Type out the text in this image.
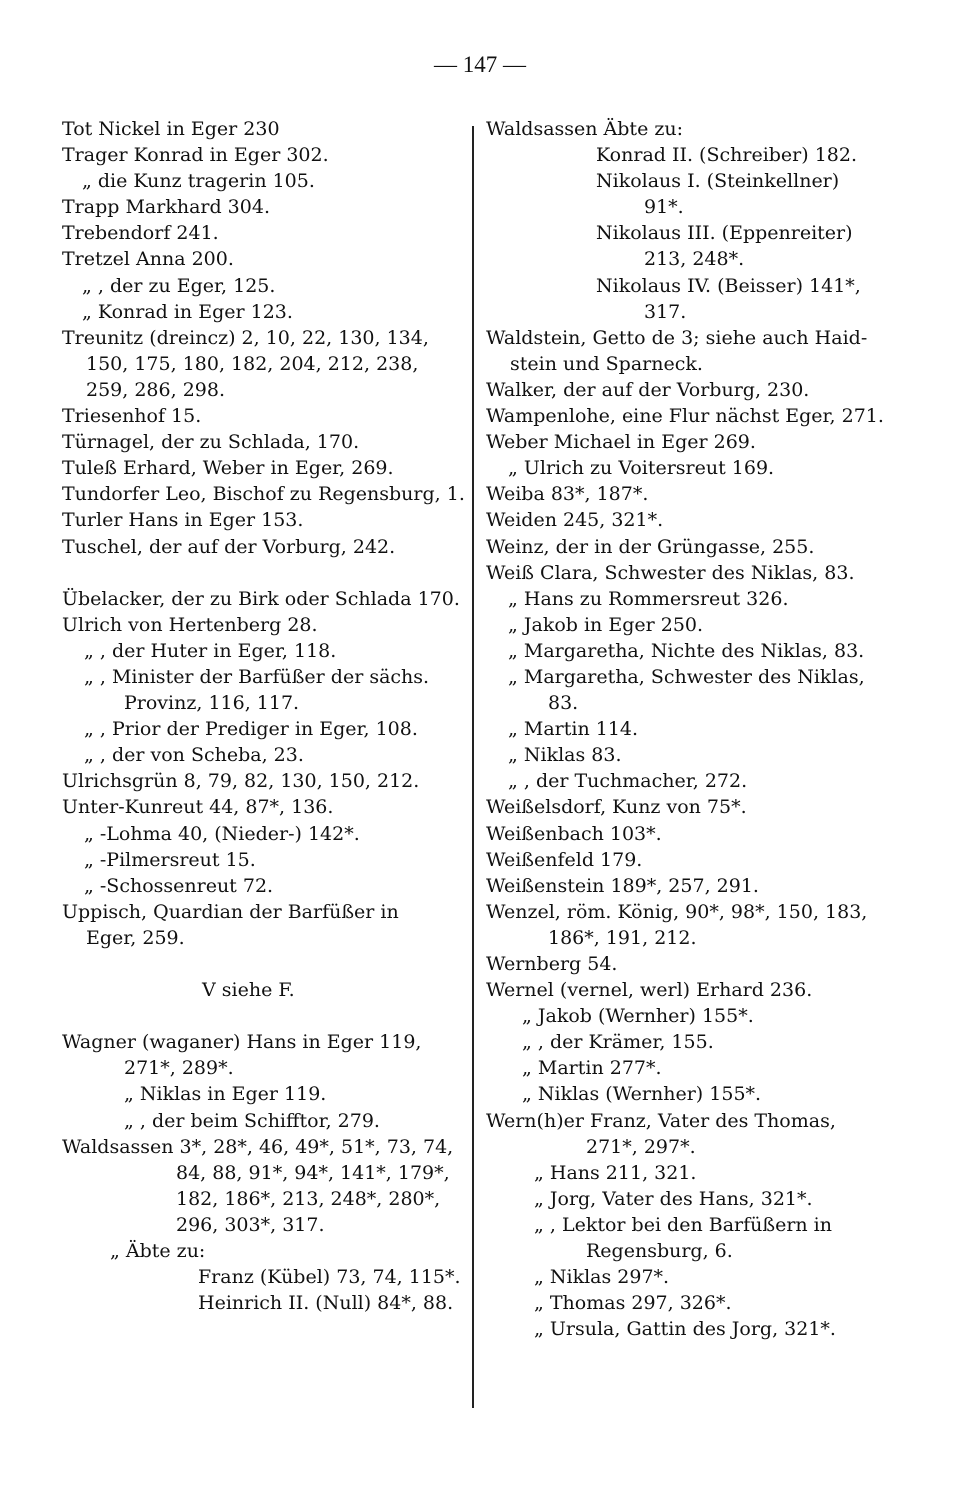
— 147 —
Tot Nickel in Eger 230
Trager Konrad in Eger 302.
„ die Kunz tragerin 105.
Trapp Markhard 304.
Trebendorf 241.
Tretzel Anna 200.
„ , der zu Eger, 125.
„ Konrad in Eger 123.
Treunitz (dreincz) 2, 10, 22, 130, 134,
150, 175, 180, 182, 204, 212, 238,
259, 286, 298.
Triesenhof 15.
Türnagel, der zu Schlada, 170.
Tuleß Erhard, Weber in Eger, 269.
Tundorfer Leo, Bischof zu Regensburg, 1.
Turler Hans in Eger 153.
Tuschel, der auf der Vorburg, 242.
Übelacker, der zu Birk oder Schlada 170.
Ulrich von Hertenberg 28.
„ , der Huter in Eger, 118.
„ , Minister der Barfüßer der sächs.
Provinz, 116, 117.
„ , Prior der Prediger in Eger, 108.
„ , der von Scheba, 23.
Ulrichsgrün 8, 79, 82, 130, 150, 212.
Unter-Kunreut 44, 87*, 136.
„ -Lohma 40, (Nieder-) 142*.
„ -Pilmersreut 15.
„ -Schossenreut 72.
Uppisch, Quardian der Barfüßer in
Eger, 259.
V siehe F.
Wagner (waganer) Hans in Eger 119,
271*, 289*.
„ Niklas in Eger 119.
„ , der beim Schifftor, 279.
Waldsassen 3*, 28*, 46, 49*, 51*, 73, 74,
84, 88, 91*, 94*, 141*, 179*,
182, 186*, 213, 248*, 280*,
296, 303*, 317.
„ Äbte zu:
Franz (Kübel) 73, 74, 115*.
Heinrich II. (Null) 84*, 88.
Waldsassen Äbte zu:
Konrad II. (Schreiber) 182.
Nikolaus I. (Steinkellner)
91*.
Nikolaus III. (Eppenreiter)
213, 248*.
Nikolaus IV. (Beisser) 141*,
317.
Waldstein, Getto de 3; siehe auch Haid-
stein und Sparneck.
Walker, der auf der Vorburg, 230.
Wampenlohe, eine Flur nächst Eger, 271.
Weber Michael in Eger 269.
„ Ulrich zu Voitersreut 169.
Weiba 83*, 187*.
Weiden 245, 321*.
Weinz, der in der Grüngasse, 255.
Weiß Clara, Schwester des Niklas, 83.
„ Hans zu Rommersreut 326.
„ Jakob in Eger 250.
„ Margaretha, Nichte des Niklas, 83.
„ Margaretha, Schwester des Niklas,
83.
„ Martin 114.
„ Niklas 83.
„ , der Tuchmacher, 272.
Weißelsdorf, Kunz von 75*.
Weißenbach 103*.
Weißenfeld 179.
Weißenstein 189*, 257, 291.
Wenzel, röm. König, 90*, 98*, 150, 183,
186*, 191, 212.
Wernberg 54.
Wernel (vernel, werl) Erhard 236.
„ Jakob (Wernher) 155*.
„ , der Krämer, 155.
„ Martin 277*.
„ Niklas (Wernher) 155*.
Wern(h)er Franz, Vater des Thomas,
271*, 297*.
„ Hans 211, 321.
„ Jorg, Vater des Hans, 321*.
„ , Lektor bei den Barfüßern in
Regensburg, 6.
„ Niklas 297*.
„ Thomas 297, 326*.
„ Ursula, Gattin des Jorg, 321*.
